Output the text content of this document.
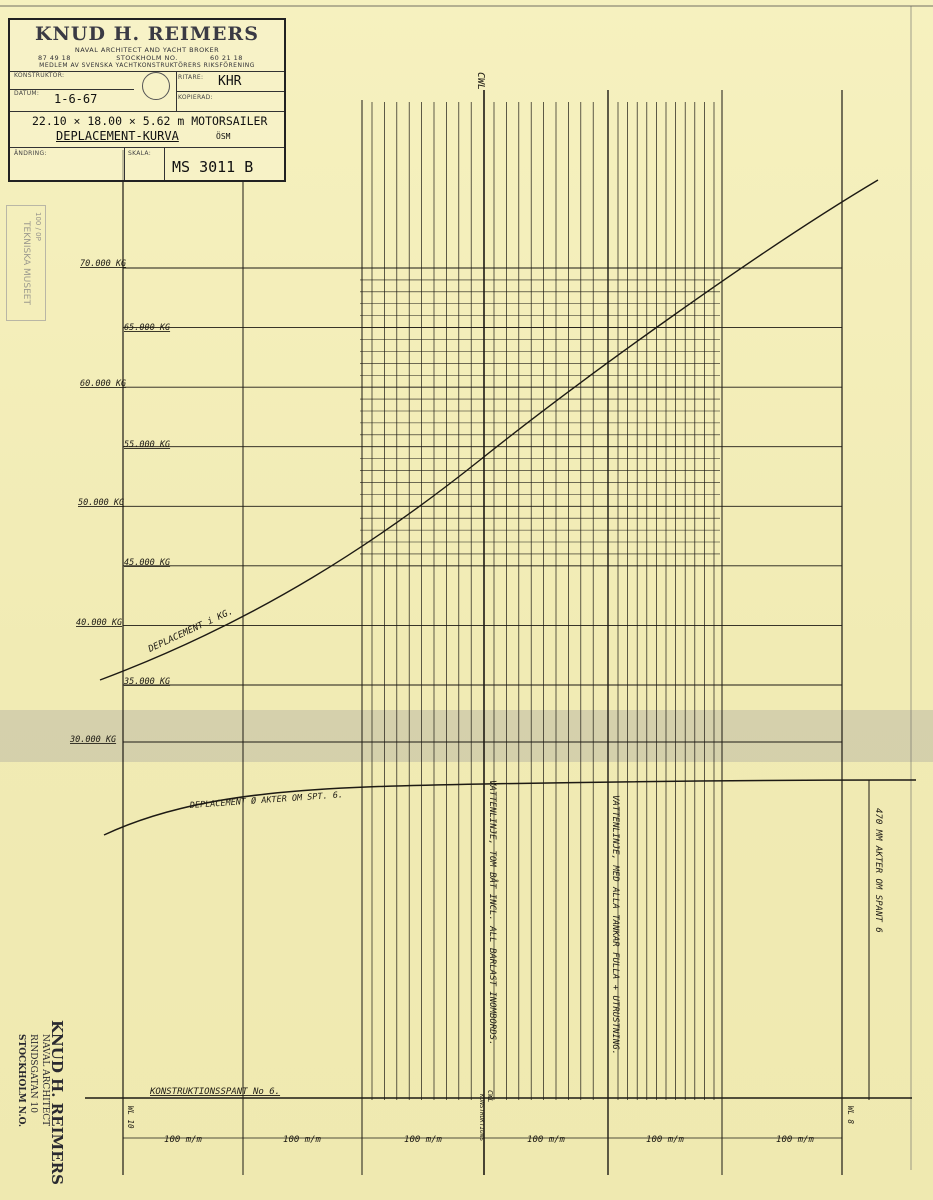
70.000 KG
65.000 KG
60.000 KG
55.000 KG
50.000 KG
45.000 KG
40.000 KG
35.000 KG
30.000 KG
DEPLACEMENT i KG.
DEPLACEMENT Ø AKTER OM SPT. 6.
CWL
VATTENLINJE, TOM BÅT INCL. ALL BARLAST INOMBORDS.	VATTENLINJE, MED ALLA TANKAR FULLA + UTRUSTNING.	470 MM AKTER OM SPANT 6
KONSTRUKTIONSSPANT No 6.
WL 10
CWL
KONSTRUKTIONS	WL 8
100 m/m	100 m/m	100 m/m	100 m/m	100 m/m	100 m/m
KNUD H. REIMERS
NAVAL ARCHITECT AND YACHT BROKER
87 49 18	STOCKHOLM NO.	60 21 18
MEDLEM AV SVENSKA YACHTKONSTRUKTÖRERS RIKSFÖRENING
KONSTRUKTÖR:	RITARE: KHR
DATUM: 1-6-67	KOPIERAD:
22.10 × 18.00 × 5.62 m MOTORSAILER
DEPLACEMENT-KURVA	ÖSM
ÄNDRING:	SKALA:
MS 3011 B
TEKNISKA MUSEET 100 / 0P
KNUD H. REIMERS
NAVAL ARCHITECT
RINDSGATAN 10
STOCKHOLM N.O.
